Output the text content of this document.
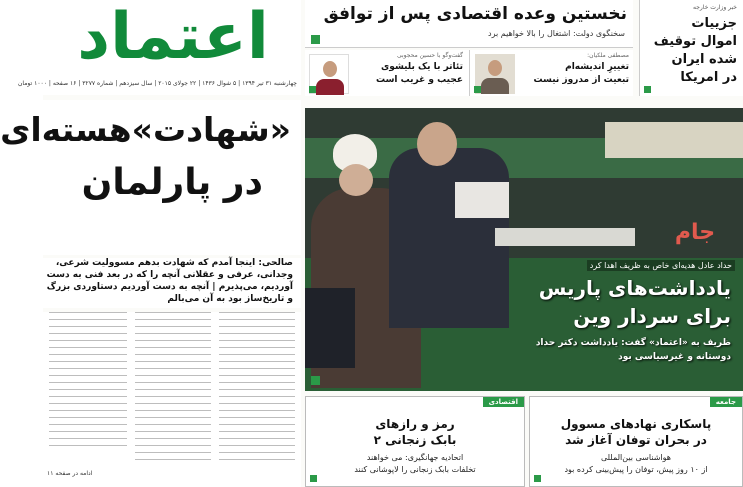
اعتماد
چهارشنبه ۳۱ تیر ۱۳۹۴ | ۵ شوال ۱۴۳۶ | ۲۲ جولای ۲۰۱۵ | سال سیزدهم | شماره ۳۲۷۷ | ۱۶ صفحه | ۱۰۰۰ تومان
نخستین وعده اقتصادی پس از توافق
سخنگوی دولت: اشتغال را بالا خواهیم برد
مصطفی ملکیان:
تغییرِ اندیشه‌ام
تبعیت از مدروز نیست
گفت‌وگو با حسین محجوبی
تئاتر با یک بلیشوی
عجیب و غریب است
خبر وزارت خارجه
جزییات
اموال توقیف
شده ایران
در امریکا
«شهادت»هسته‌ای
در پارلمان
صالحی: اینجا آمدم که شهادت بدهم مسوولیت شرعی،
وجدانی، عرفی و عقلانی آنچه را که در بعد فنی به دست
آوردیم، می‌پذیرم | آنچه به دست آوردیم دستاوردی بزرگ
و تاریخ‌ساز بود به آن می‌بالم
ادامه در صفحه ۱۱
جام
حداد عادل هدیه‌ای خاص به ظریف اهدا کرد
یادداشت‌های پاریس
برای سردار وین
ظریف به «اعتماد» گفت: یادداشت دکتر حداد
دوستانه و غیرسیاسی بود
جامعه
پاسکاری نهادهای مسوول
در بحران توفان آغاز شد
هواشناسی بین‌المللی
از ۱۰ روز پیش، توفان را پیش‌بینی کرده بود
اقتصادی
رمز و رازهای
بابک زنجانی ۲
اتحادیه جهانگیری: می خواهند
تخلفات بابک زنجانی را لاپوشانی کنند
